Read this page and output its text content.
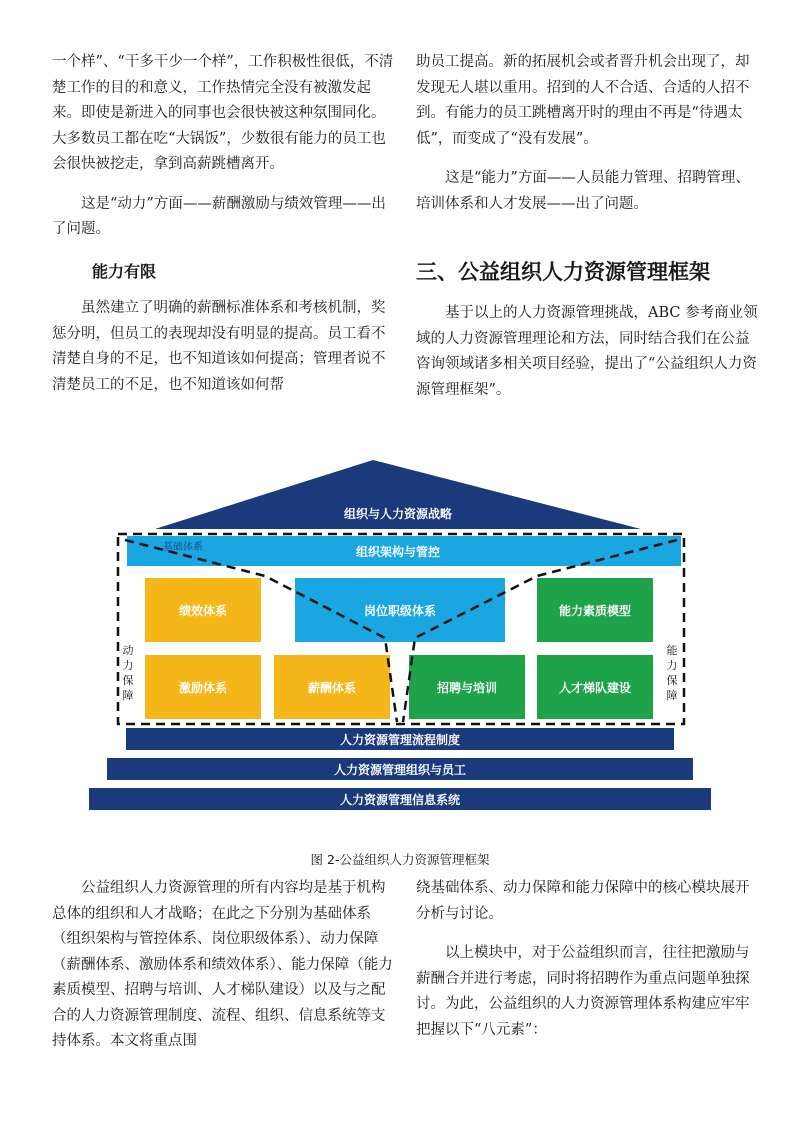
一个样”、“干多干少一个样”，工作积极性很低，不清楚工作的目的和意义，工作热情完全没有被激发起来。即使是新进入的同事也会很快被这种氛围同化。大多数员工都在吃“大锅饭”，少数很有能力的员工也会很快被挖走，拿到高薪跳槽离开。

这是“动力”方面——薪酬激励与绩效管理——出了问题。

能力有限

虽然建立了明确的薪酬标准体系和考核机制，奖惩分明，但员工的表现却没有明显的提高。员工看不清楚自身的不足，也不知道该如何提高；管理者说不清楚员工的不足，也不知道该如何帮

助员工提高。新的拓展机会或者晋升机会出现了，却发现无人堪以重用。招到的人不合适、合适的人招不到。有能力的员工跳槽离开时的理由不再是“待遇太低”，而变成了“没有发展”。

这是“能力”方面——人员能力管理、招聘管理、培训体系和人才发展——出了问题。

三、公益组织人力资源管理框架

基于以上的人力资源管理挑战，ABC 参考商业领域的人力资源管理理论和方法，同时结合我们在公益咨询领域诸多相关项目经验，提出了“公益组织人力资源管理框架”。

组织与人力资源战略
基础体系	组织架构与管控
绩效体系	岗位职级体系	能力素质模型
激励体系	薪酬体系	招聘与培训	人才梯队建设
动力保障
能力保障
人力资源管理流程制度
人力资源管理组织与员工
人力资源管理信息系统
图 2-公益组织人力资源管理框架

公益组织人力资源管理的所有内容均是基于机构总体的组织和人才战略；在此之下分别为基础体系（组织架构与管控体系、岗位职级体系）、动力保障（薪酬体系、激励体系和绩效体系）、能力保障（能力素质模型、招聘与培训、人才梯队建设）以及与之配合的人力资源管理制度、流程、组织、信息系统等支持体系。本文将重点围

绕基础体系、动力保障和能力保障中的核心模块展开分析与讨论。

以上模块中，对于公益组织而言，往往把激励与薪酬合并进行考虑，同时将招聘作为重点问题单独探讨。为此，公益组织的人力资源管理体系构建应牢牢把握以下“八元素”：
